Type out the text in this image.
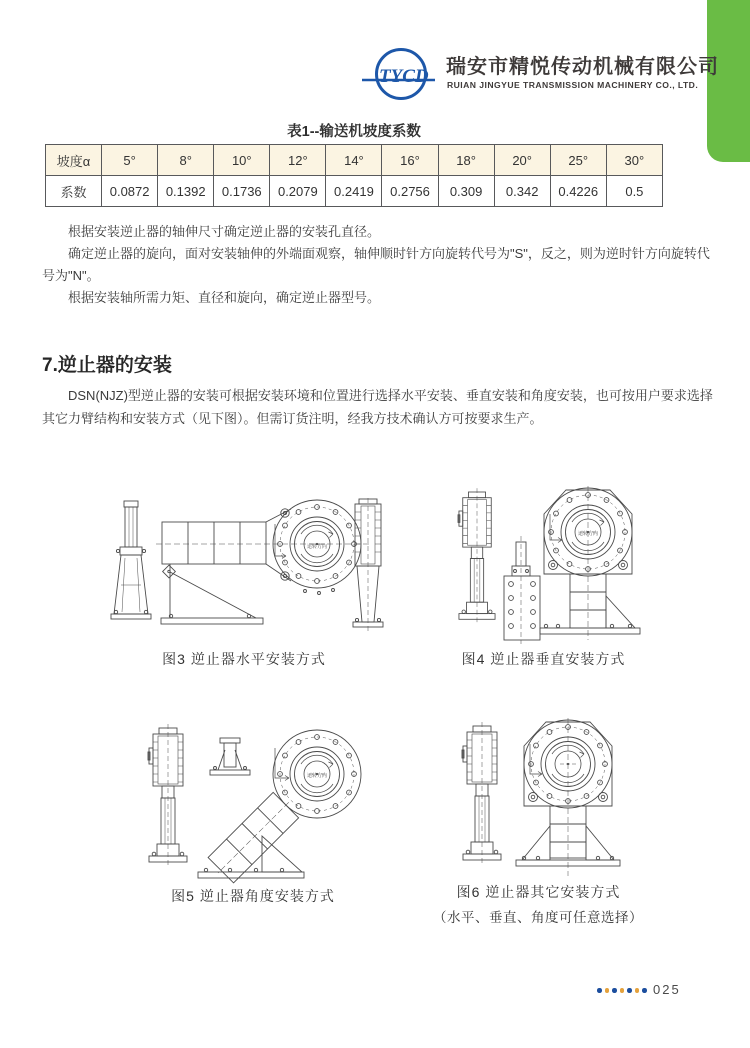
TYCD 瑞安市精悦传动机械有限公司
RUIAN JINGYUE TRANSMISSION MACHINERY CO., LTD.
表1--输送机坡度系数
坡度α	5°	8°	10°	12°	14°	16°	18°	20°	25°	30°
系数	0.0872	0.1392	0.1736	0.2079	0.2419	0.2756	0.309	0.342	0.4226	0.5

根据安装逆止器的轴伸尺寸确定逆止器的安装孔直径。

确定逆止器的旋向，面对安装轴伸的外端面观察，轴伸顺时针方向旋转代号为"S"，反之，则为逆时针方向旋转代号为"N"。

根据安装轴所需力矩、直径和旋向，确定逆止器型号。

7.逆止器的安装

DSN(NJZ)型逆止器的安装可根据安装环境和位置进行选择水平安装、垂直安装和角度安装，也可按用户要求选择其它力臂结构和安装方式（见下图）。但需订货注明，经我方技术确认方可按要求生产。

运转方向
运转方向
图3 逆止器水平安装方式	图4 逆止器垂直安装方式
运转方向
图5 逆止器角度安装方式	图6 逆止器其它安装方式
（水平、垂直、角度可任意选择）
025
